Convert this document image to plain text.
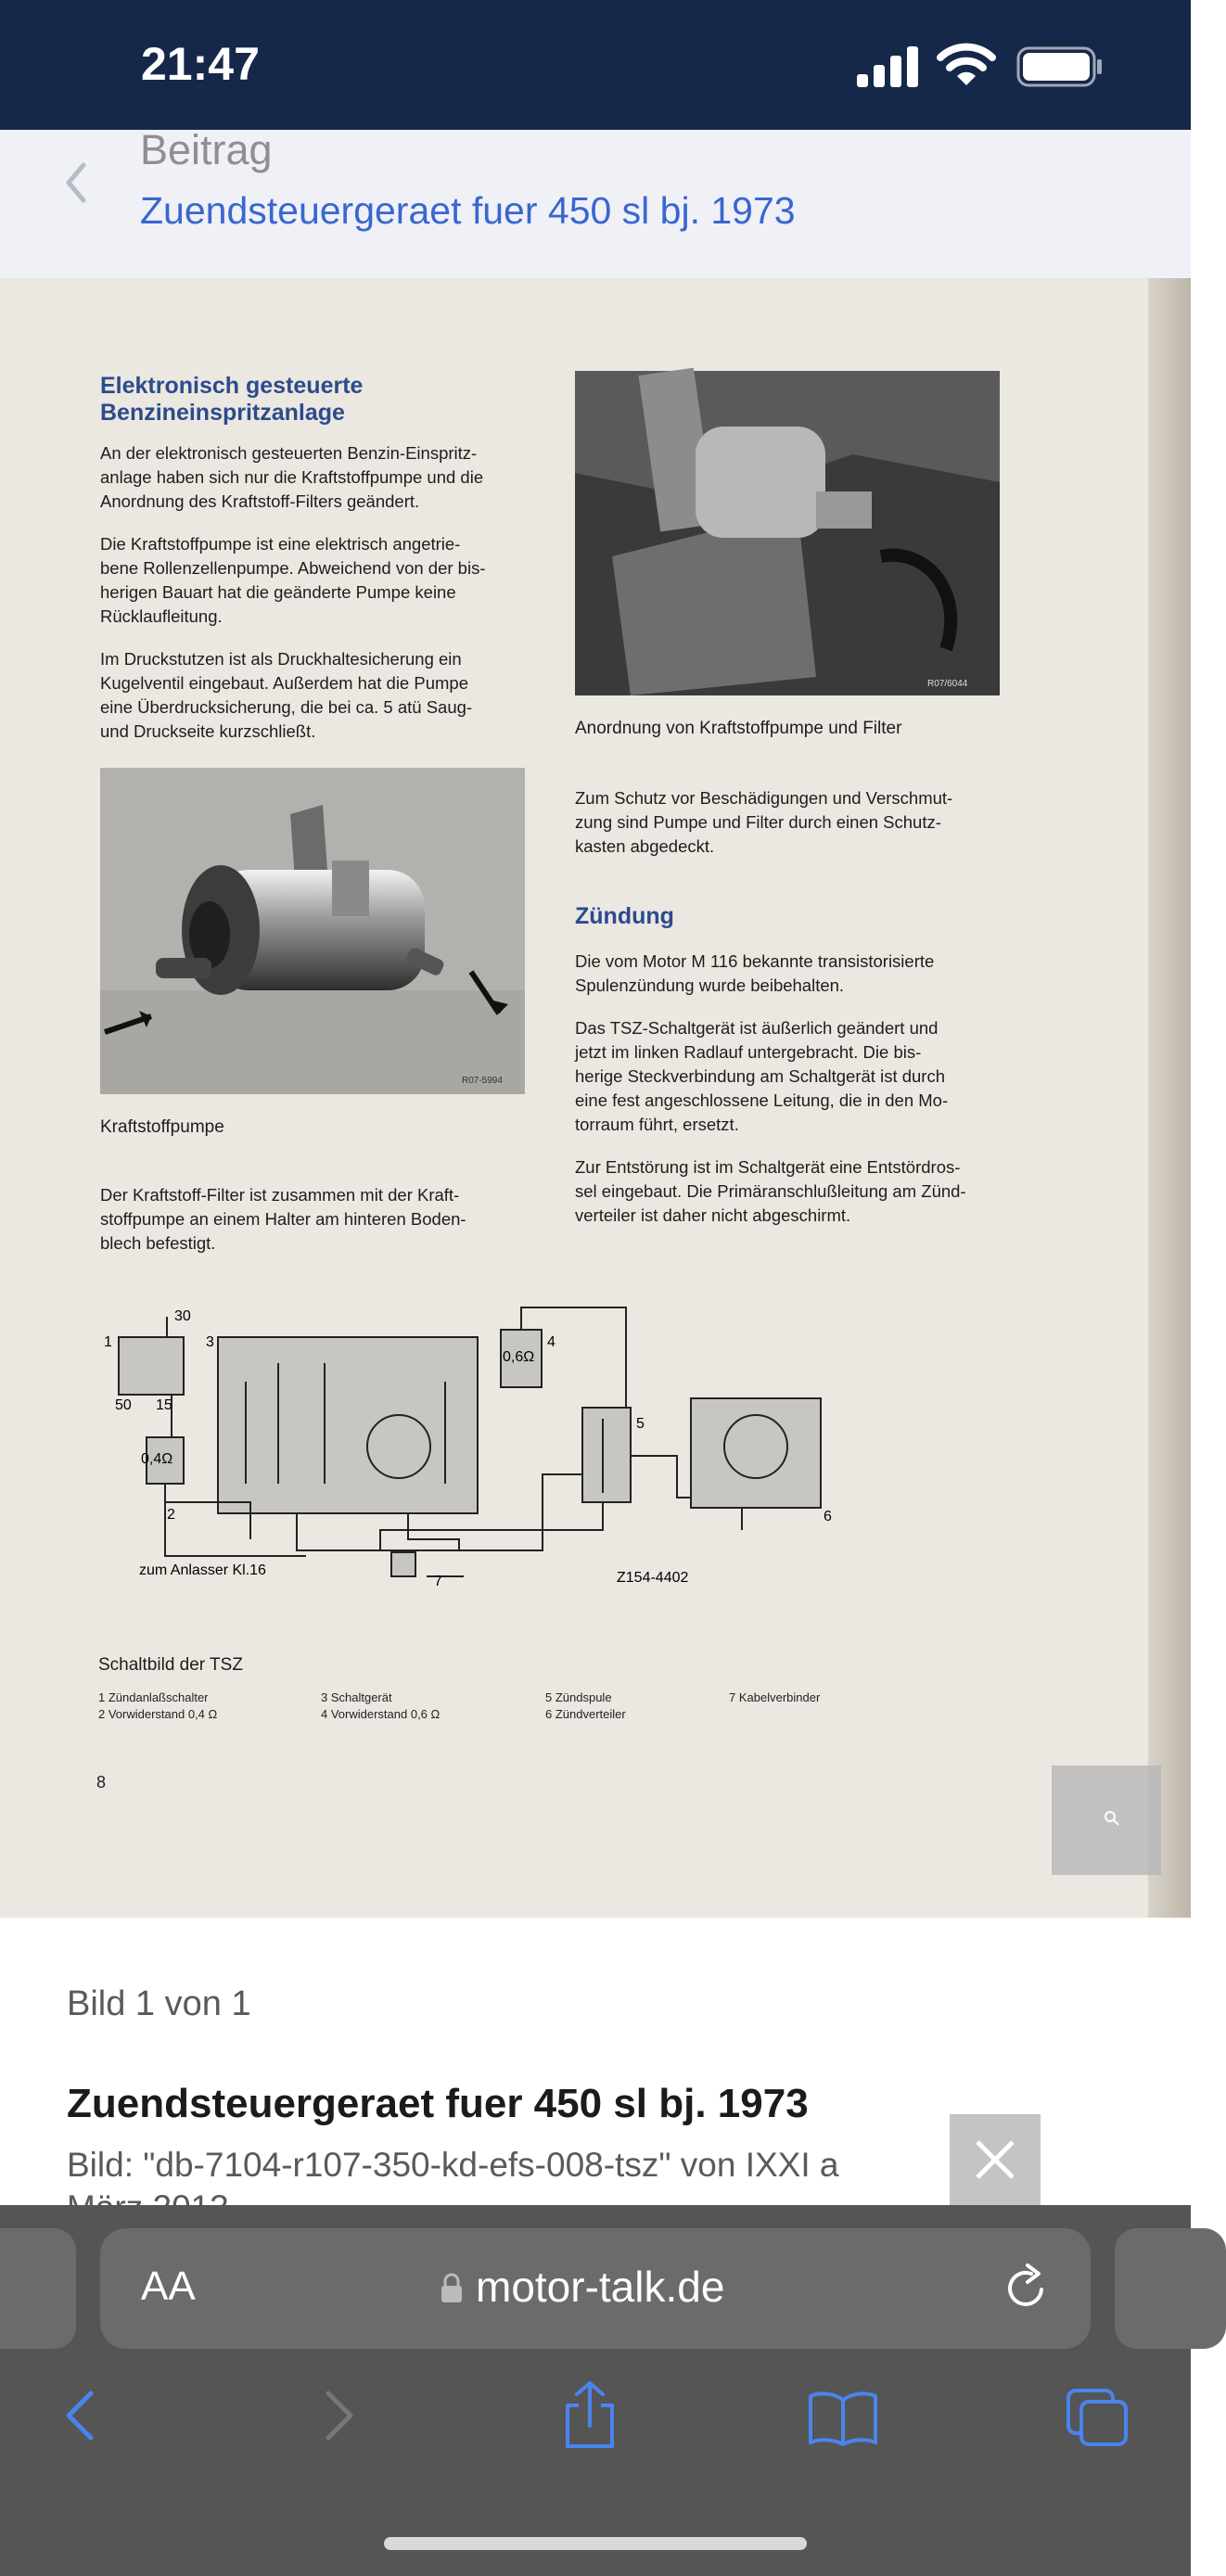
21:47
Beitrag
Zuendsteuergeraet fuer 450 sl bj. 1973
Elektronisch gesteuerte
Benzineinspritzanlage
An der elektronisch gesteuerten Benzin-Einspritz-
anlage haben sich nur die Kraftstoffpumpe und die
Anordnung des Kraftstoff-Filters geändert.
Die Kraftstoffpumpe ist eine elektrisch angetrie-
bene Rollenzellenpumpe. Abweichend von der bis-
herigen Bauart hat die geänderte Pumpe keine
Rücklaufleitung.
Im Druckstutzen ist als Druckhaltesicherung ein
Kugelventil eingebaut. Außerdem hat die Pumpe
eine Überdrucksicherung, die bei ca. 5 atü Saug-
und Druckseite kurzschließt.
R07-5994
Kraftstoffpumpe
Der Kraftstoff-Filter ist zusammen mit der Kraft-
stoffpumpe an einem Halter am hinteren Boden-
blech befestigt.
R07/6044
Anordnung von Kraftstoffpumpe und Filter
Zum Schutz vor Beschädigungen und Verschmut-
zung sind Pumpe und Filter durch einen Schutz-
kasten abgedeckt.
Zündung
Die vom Motor M 116 bekannte transistorisierte
Spulenzündung wurde beibehalten.
Das TSZ-Schaltgerät ist äußerlich geändert und
jetzt im linken Radlauf untergebracht. Die bis-
herige Steckverbindung am Schaltgerät ist durch
eine fest angeschlossene Leitung, die in den Mo-
torraum führt, ersetzt.
Zur Entstörung ist im Schaltgerät eine Entstördros-
sel eingebaut. Die Primäranschlußleitung am Zünd-
verteiler ist daher nicht abgeschirmt.
1
2
3	4
5
6
7
30
50 15
0,4Ω
0,6Ω
zum Anlasser Kl.16	Z154-4402
Schaltbild der TSZ
1 Zündanlaßschalter
2 Vorwiderstand 0,4 Ω
3 Schaltgerät
4 Vorwiderstand 0,6 Ω
5 Zündspule
6 Zündverteiler
7 Kabelverbinder
8
Bild 1 von 1
Zuendsteuergeraet fuer 450 sl bj. 1973
Bild: "db-7104-r107-350-kd-efs-008-tsz" von IXXI a
AA	motor-talk.de
